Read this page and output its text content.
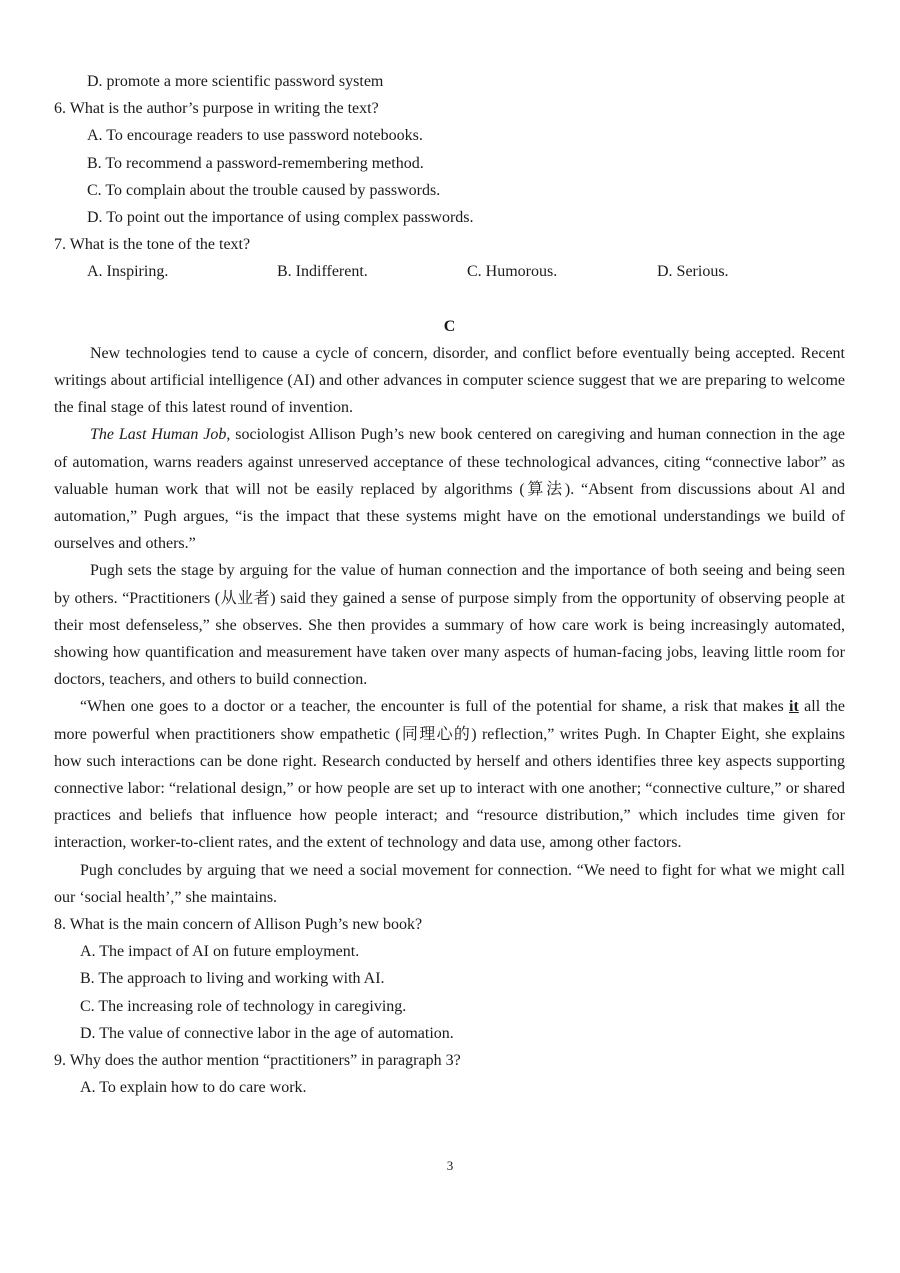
D. promote a more scientific password system
6. What is the author’s purpose in writing the text?
A. To encourage readers to use password notebooks.
B. To recommend a password-remembering method.
C. To complain about the trouble caused by passwords.
D. To point out the importance of using complex passwords.
7. What is the tone of the text?
A. Inspiring.	B. Indifferent.	C. Humorous.	D. Serious.
C

New technologies tend to cause a cycle of concern, disorder, and conflict before eventually being accepted. Recent writings about artificial intelligence (AI) and other advances in computer science suggest that we are preparing to welcome the final stage of this latest round of invention.

The Last Human Job, sociologist Allison Pugh’s new book centered on caregiving and human connection in the age of automation, warns readers against unreserved acceptance of these technological advances, citing “connective labor” as valuable human work that will not be easily replaced by algorithms (算法). “Absent from discussions about Al and automation,” Pugh argues, “is the impact that these systems might have on the emotional understandings we build of ourselves and others.”

Pugh sets the stage by arguing for the value of human connection and the importance of both seeing and being seen by others. “Practitioners (从业者) said they gained a sense of purpose simply from the opportunity of observing people at their most defenseless,” she observes. She then provides a summary of how care work is being increasingly automated, showing how quantification and measurement have taken over many aspects of human-facing jobs, leaving little room for doctors, teachers, and others to build connection.

“When one goes to a doctor or a teacher, the encounter is full of the potential for shame, a risk that makes it all the more powerful when practitioners show empathetic (同理心的) reflection,” writes Pugh. In Chapter Eight, she explains how such interactions can be done right. Research conducted by herself and others identifies three key aspects supporting connective labor: “relational design,” or how people are set up to interact with one another; “connective culture,” or shared practices and beliefs that influence how people interact; and “resource distribution,” which includes time given for interaction, worker-to-client rates, and the extent of technology and data use, among other factors.

Pugh concludes by arguing that we need a social movement for connection. “We need to fight for what we might call our ‘social health’,” she maintains.

8. What is the main concern of Allison Pugh’s new book?
A. The impact of AI on future employment.
B. The approach to living and working with AI.
C. The increasing role of technology in caregiving.
D. The value of connective labor in the age of automation.
9. Why does the author mention “practitioners” in paragraph 3?
A. To explain how to do care work.
3
